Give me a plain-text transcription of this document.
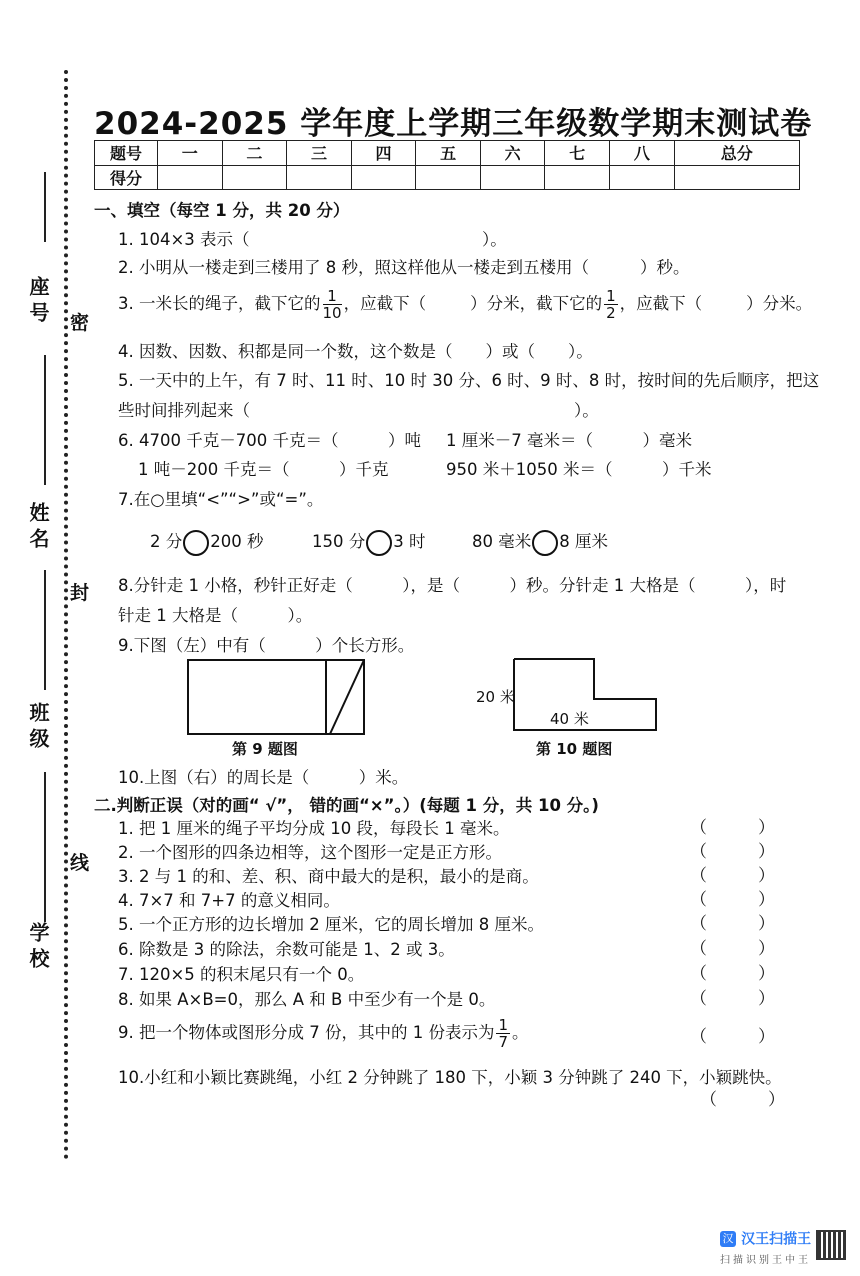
座号
姓名
班级
学校
密
封
线
2024-2025 学年度上学期三年级数学期末测试卷
题号	一	二	三	四	五	六	七	八	总分
得分									
一、填空（每空 1 分，共 20 分）
1. 104×3 表示（	）。
2. 小明从一楼走到三楼用了 8 秒，照这样他从一楼走到五楼用（	）秒。
3. 一米长的绳子，截下它的 $\frac{1}{10}$ ，应截下（	）分米，截下它的 $\frac{1}{2}$ ，应截下（	）分米。
4. 因数、因数、积都是同一个数，这个数是（　　）或（　　）。
5. 一天中的上午，有 7 时、11 时、10 时 30 分、6 时、9 时、8 时，按时间的先后顺序，把这
些时间排列起来（	）。
6. 4700 千克－700 千克＝（　　　）吨 1 厘米－7 毫米＝（　　　）毫米
1 吨－200 千克＝（　　　）千克	950 米＋1050 米＝（　　　）千米
7.在○里填“<”“>”或“=”。
2 分 200 秒	150 分 3 时	80 毫米 8 厘米
8.分针走 1 小格，秒针正好走（　　　），是（　　　）秒。分针走 1 大格是（　　　），时
针走 1 大格是（　　　）。
9.下图（左）中有（　　　）个长方形。
第 9 题图
20 米
40 米
第 10 题图
10.上图（右）的周长是（　　　）米。
二.判断正误（对的画“ √”， 错的画“×”。）(每题 1 分，共 10 分。)
1. 把 1 厘米的绳子平均分成 10 段，每段长 1 毫米。	（　　　）
2. 一个图形的四条边相等，这个图形一定是正方形。	（　　　）
3. 2 与 1 的和、差、积、商中最大的是积，最小的是商。	（　　　）
4. 7×7 和 7+7 的意义相同。	（　　　）
5. 一个正方形的边长增加 2 厘米，它的周长增加 8 厘米。	（　　　）
6. 除数是 3 的除法，余数可能是 1、2 或 3。	（　　　）
7. 120×5 的积末尾只有一个 0。	（　　　）
8. 如果 A×B=0，那么 A 和 B 中至少有一个是 0。	（　　　）
9. 把一个物体或图形分成 7 份，其中的 1 份表示为 $\frac{1}{7}$ 。	（　　　）
10.小红和小颖比赛跳绳，小红 2 分钟跳了 180 下，小颖 3 分钟跳了 240 下，小颖跳快。
（　　　）
汉 汉王扫描王
扫描识别王中王
